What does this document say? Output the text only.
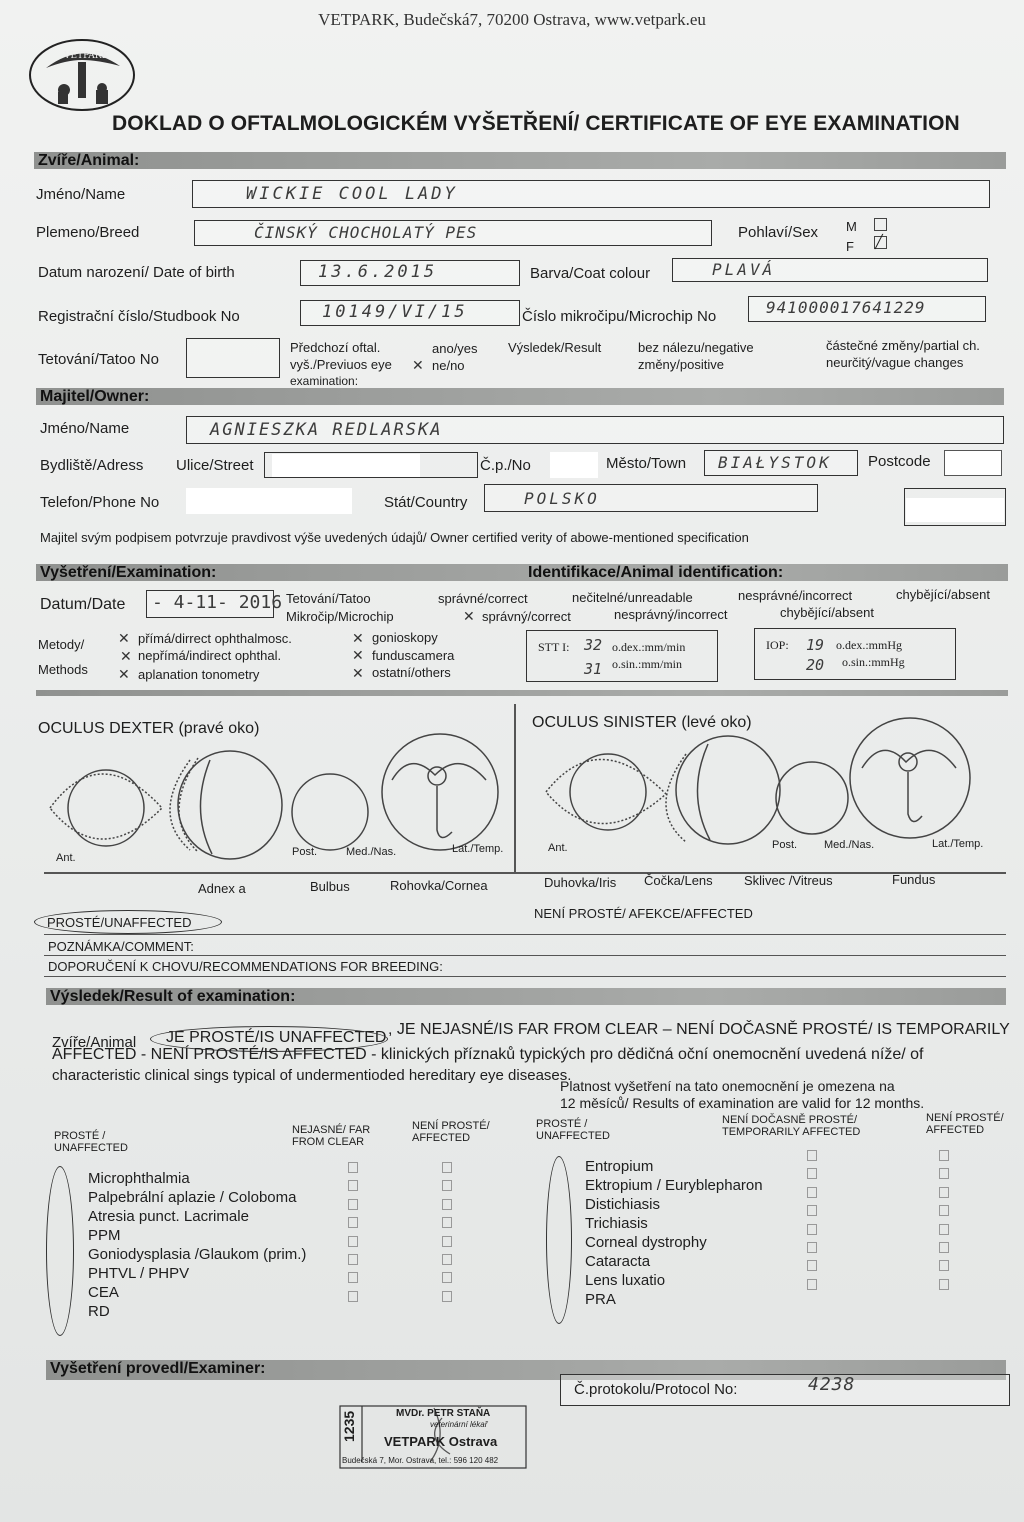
VETPARK, Budečská7, 70200 Ostrava, www.vetpark.eu
VETPARK
DOKLAD O OFTALMOLOGICKÉM VYŠETŘENÍ/ CERTIFICATE OF EYE EXAMINATION
Zvíře/Animal:
Jméno/Name	WICKIE COOL LADY
Plemeno/Breed	ČINSKÝ CHOCHOLATÝ PES	Pohlaví/Sex M
F ╱
Datum narození/ Date of birth	13.6.2015	Barva/Coat colour	PLAVÁ
Registrační číslo/Studbook No	10149/VI/15	Číslo mikročipu/Microchip No	941000017641229
Tetování/Tatoo No
Předchozí oftal.
vyš./Previuos eye
examination:
ano/yes
✕ ne/no
Výsledek/Result	bez nálezu/negative
změny/positive
částečné změny/partial ch.
neurčitý/vague changes
Majitel/Owner:
Jméno/Name	AGNIESZKA REDLARSKA
Bydliště/Adress Ulice/Street	Č.p./No	Město/Town BIAŁYSTOK Postcode
Telefon/Phone No	Stát/Country	POLSKO
Majitel svým podpisem potvrzuje pravdivost výše uvedených údajů/ Owner certified verity of abowe-mentioned specification
Vyšetření/Examination:	Identifikace/Animal identification:
Datum/Date - 4-11- 2016 Tetování/Tatoo
Mikročip/Microchip
správné/correct	nečitelné/unreadable	nesprávné/incorrect	chybějící/absent
✕ správný/correct	nesprávný/incorrect	chybějící/absent
Metody/
Methods
✕ přímá/dirrect ophthalmosc.
✕ nepřímá/indirect ophthal.
✕ aplanation tonometry
✕ gonioskopy
✕ funduscamera
✕ ostatní/others
STT I: 32
31
o.dex.:mm/min
o.sin.:mm/min
IOP: 19
20
o.dex.:mmHg
o.sin.:mmHg
OCULUS DEXTER (pravé oko)	OCULUS SINISTER (levé oko)
Ant.	Post.	Med./Nas.	Lat./Temp.	Ant.	Post. Med./Nas.	Lat./Temp.
Adnex a	Bulbus	Rohovka/Cornea	Duhovka/Iris Čočka/Lens Sklivec /Vitreus	Fundus
PROSTÉ/UNAFFECTED
NENÍ PROSTÉ/ AFEKCE/AFFECTED
POZNÁMKA/COMMENT:
DOPORUČENÍ K CHOVU/RECOMMENDATIONS FOR BREEDING:
Výsledek/Result of examination:
Zvíře/Animal JE PROSTÉ/IS UNAFFECTED , JE NEJASNÉ/IS FAR FROM CLEAR – NENÍ DOČASNĚ PROSTÉ/ IS TEMPORARILY
AFFECTED - NENÍ PROSTÉ/IS AFFECTED - klinických příznaků typických pro dědičná oční onemocnění uvedená níže/ of
characteristic clinical sings typical of undermentioded hereditary eye diseases.
Platnost vyšetření na tato onemocnění je omezena na
12 měsíců/ Results of examination are valid for 12 months.
PROSTÉ / UNAFFECTED
NEJASNÉ/ FAR FROM CLEAR
NENÍ PROSTÉ/ AFFECTED
PROSTÉ / UNAFFECTED
NENÍ DOČASNĚ PROSTÉ/ TEMPORARILY AFFECTED
NENÍ PROSTÉ/ AFFECTED
Microphthalmia
Palpebrální aplazie / Coloboma
Atresia punct. Lacrimale
PPM
Goniodysplasia /Glaukom (prim.)
PHTVL / PHPV
CEA
RD
Entropium
Ektropium / Euryblepharon
Distichiasis
Trichiasis
Corneal dystrophy
Cataracta
Lens luxatio
PRA
Vyšetření provedl/Examiner:
Č.protokolu/Protocol No:	4238
1235	MVDr. PETR STAŇA
veterinární lékař
VETPARK Ostrava
Budečská 7, Mor. Ostrava, tel.: 596 120 482
